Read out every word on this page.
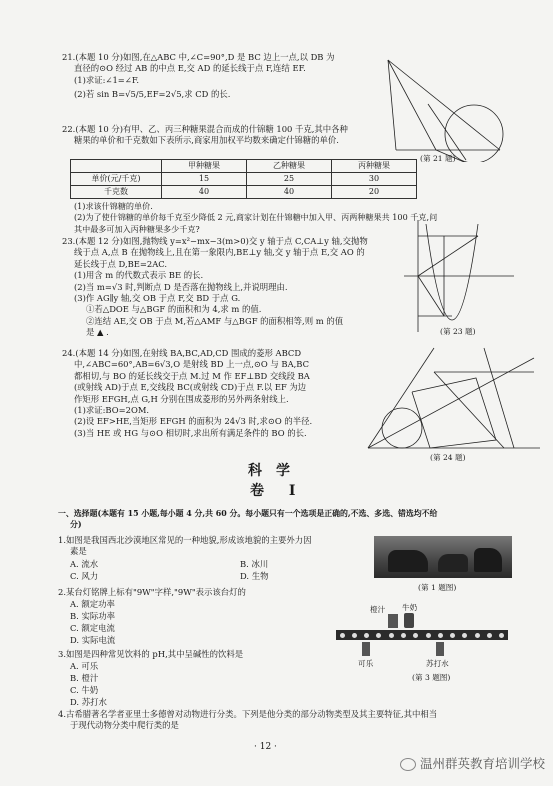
21.(本题 10 分)如图,在△ABC 中,∠C=90°,D 是 BC 边上一点,以 DB 为
直径的⊙O 经过 AB 的中点 E,交 AD 的延长线于点 F,连结 EF.
(1)求证:∠1=∠F.
(2)若 sin B=√5/5,EF=2√5,求 CD 的长.
(第 21 题)
22.(本题 10 分)有甲、乙、丙三种糖果混合而成的什锦糖 100 千克,其中各种
糖果的单价和千克数如下表所示,商家用加权平均数来确定什锦糖的单价.
	甲种糖果	乙种糖果	丙种糖果
单价(元/千克)	15	25	30
千克数	40	40	20
(1)求该什锦糖的单价.
(2)为了使什锦糖的单价每千克至少降低 2 元,商家计划在什锦糖中加入甲、丙两种糖果共 100 千克,问
其中最多可加入丙种糖果多少千克?
23.(本题 12 分)如图,抛物线 y=x²−mx−3(m>0)交 y 轴于点 C,CA⊥y 轴,交抛物
线于点 A,点 B 在抛物线上,且在第一象限内,BE⊥y 轴,交 y 轴于点 E,交 AO 的
延长线于点 D,BE=2AC.
(1)用含 m 的代数式表示 BE 的长.
(2)当 m=√3 时,判断点 D 是否落在抛物线上,并说明理由.
(3)作 AG∥y 轴,交 OB 于点 F,交 BD 于点 G.
①若△DOE 与△BGF 的面积和为 4,求 m 的值.
②连结 AE,交 OB 于点 M,若△AMF 与△BGF 的面积相等,则 m 的值
是 ▲ .	(第 23 题)
24.(本题 14 分)如图,在射线 BA,BC,AD,CD 围成的菱形 ABCD
中,∠ABC=60°,AB=6√3,O 是射线 BD 上一点,⊙O 与 BA,BC
都相切,与 BO 的延长线交于点 M.过 M 作 EF⊥BD 交线段 BA
(或射线 AD)于点 E,交线段 BC(或射线 CD)于点 F.以 EF 为边
作矩形 EFGH,点 G,H 分别在围成菱形的另外两条射线上.
(1)求证:BO=2OM.
(2)设 EF>HE,当矩形 EFGH 的面积为 24√3 时,求⊙O 的半径.
(3)当 HE 或 HG 与⊙O 相切时,求出所有满足条件的 BO 的长.
(第 24 题)
科学
卷 I
一、选择题(本题有 15 小题,每小题 4 分,共 60 分。每小题只有一个选项是正确的,不选、多选、错选均不给
分)
1.如图是我国西北沙漠地区常见的一种地貌,形成该地貌的主要外力因
素是
A. 流水	B. 冰川
C. 风力	D. 生物
(第 1 题图)
2.某台灯铭牌上标有"9W"字样,"9W"表示该台灯的
A. 额定功率
B. 实际功率
C. 额定电流
D. 实际电流
3.如图是四种常见饮料的 pH,其中呈碱性的饮料是
A. 可乐
B. 橙汁
C. 牛奶
D. 苏打水
橙汁 牛奶
可乐	苏打水
(第 3 题图)
4.古希腊著名学者亚里士多德曾对动物进行分类。下列是他分类的部分动物类型及其主要特征,其中相当
于现代动物分类中爬行类的是
· 12 ·
温州群英教育培训学校
